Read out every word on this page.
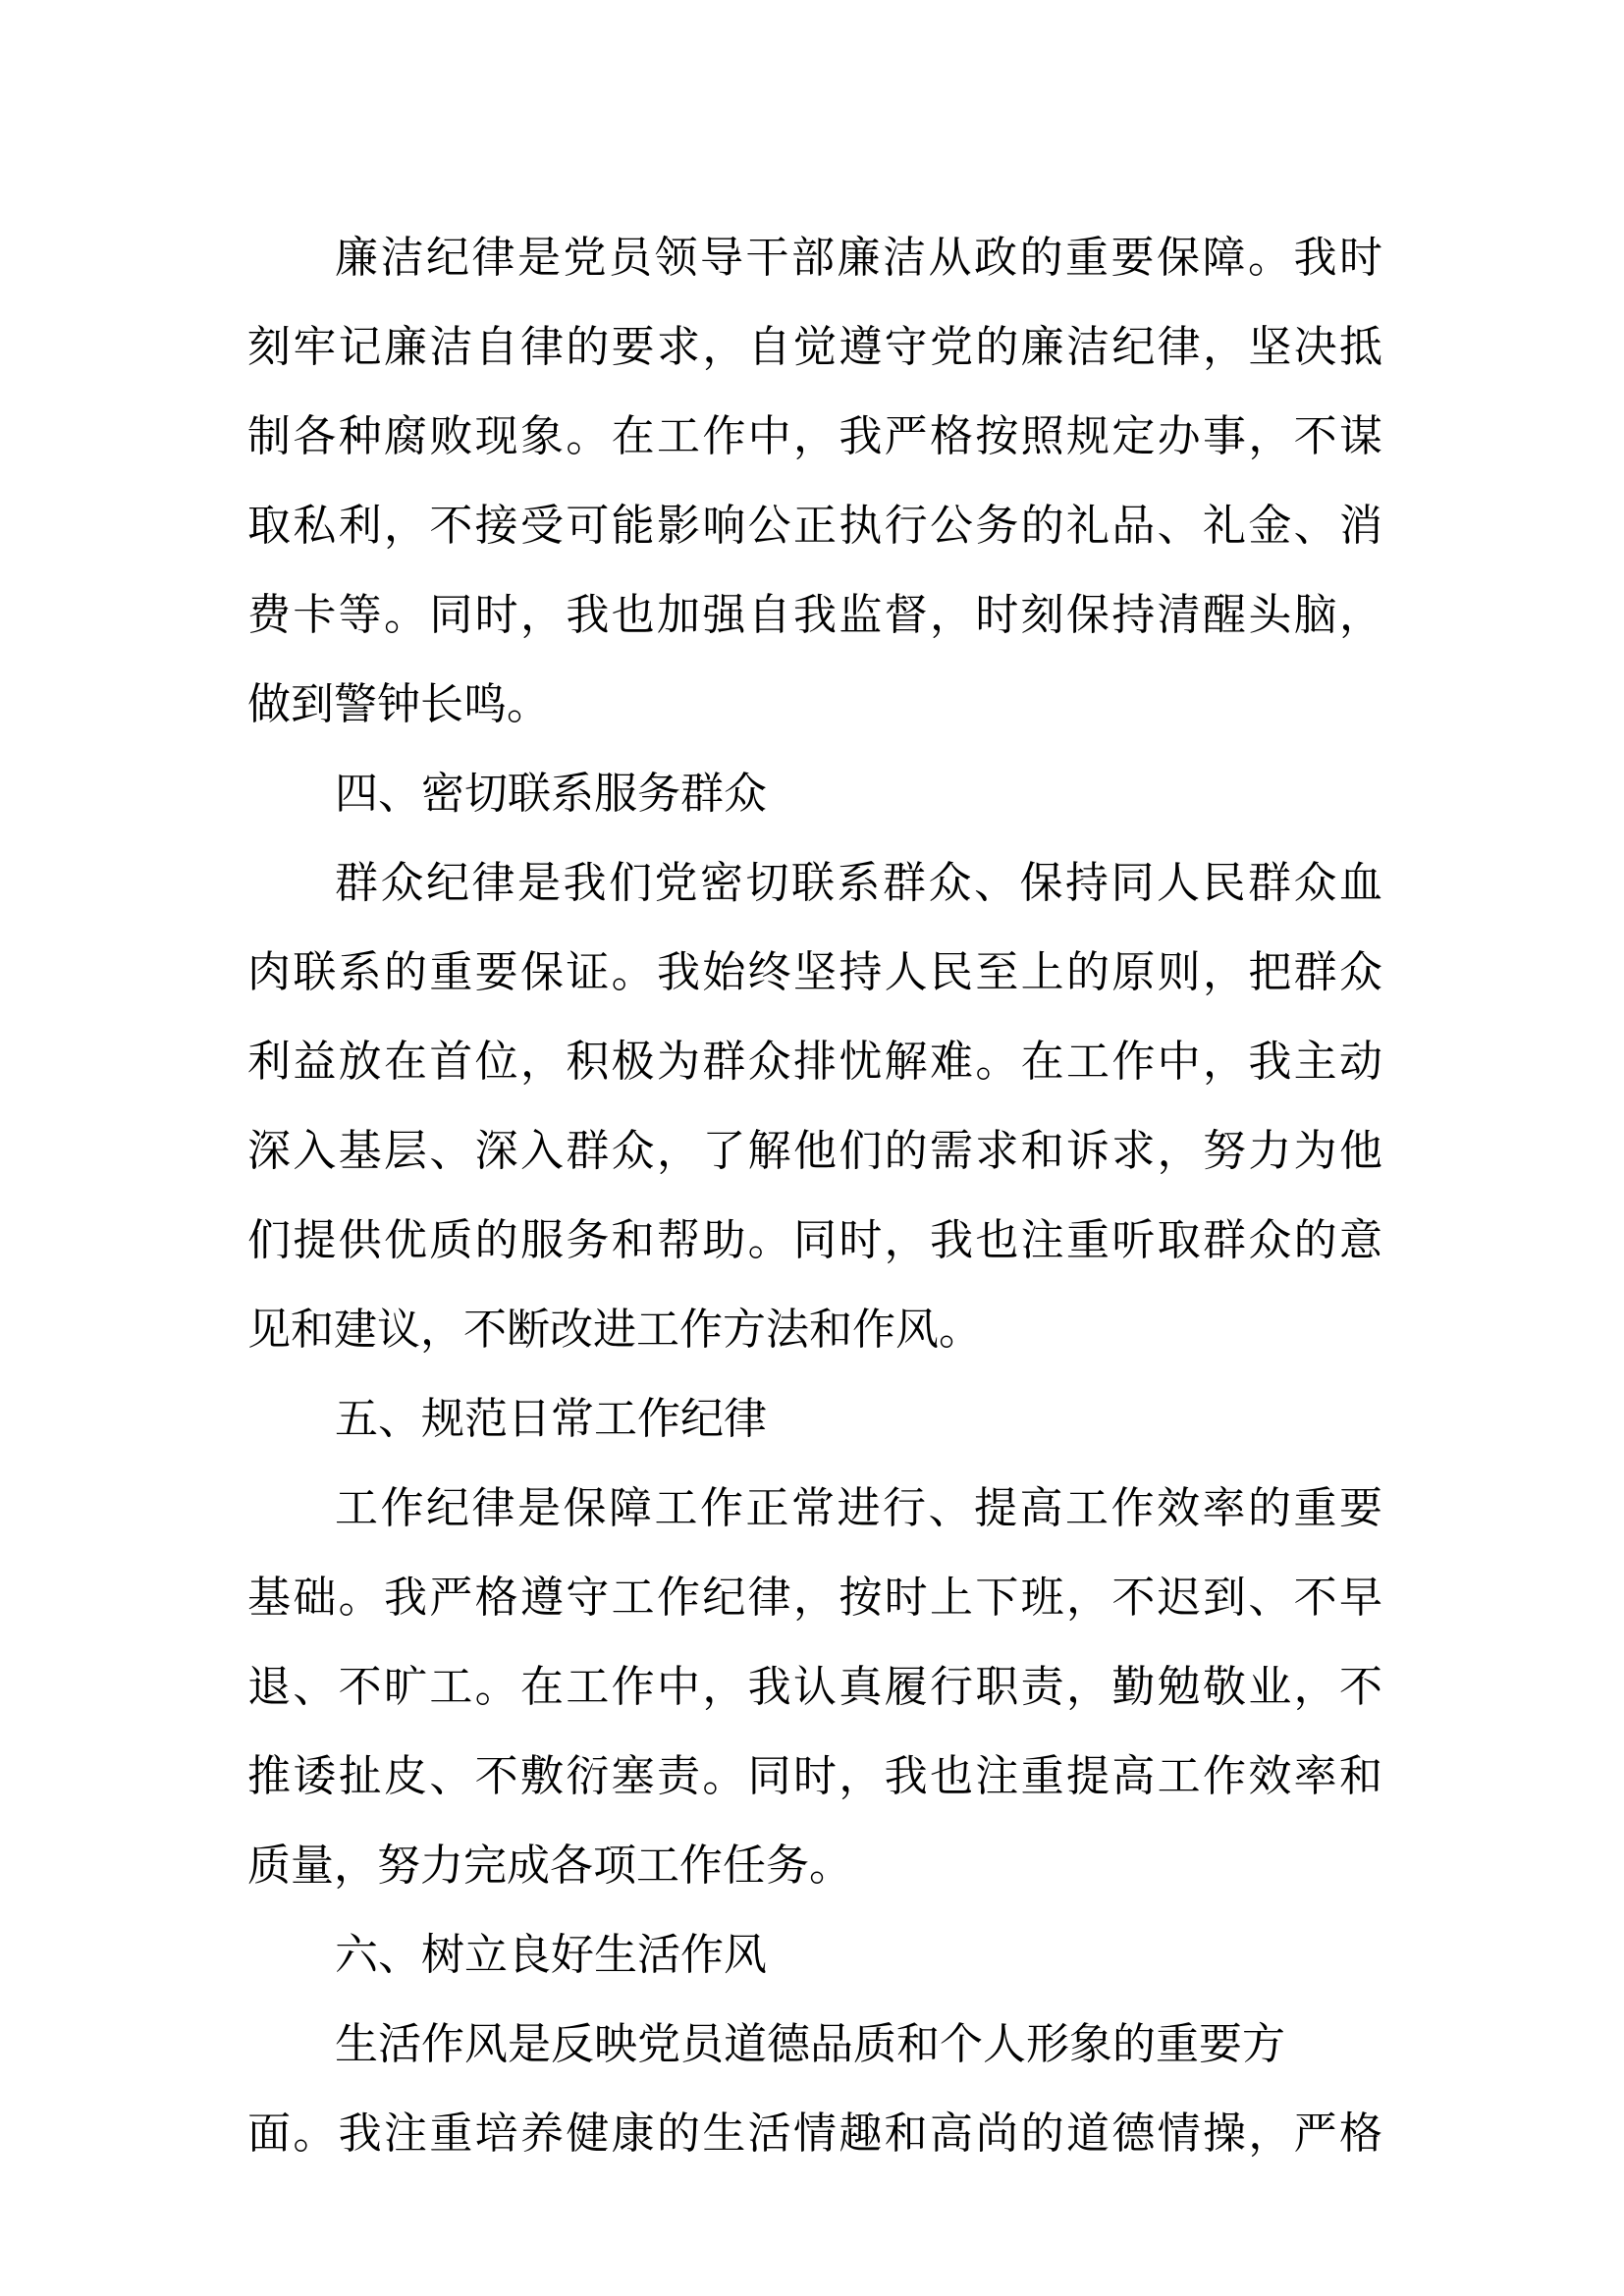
廉洁纪律是党员领导干部廉洁从政的重要保障。我时
刻牢记廉洁自律的要求，自觉遵守党的廉洁纪律，坚决抵
制各种腐败现象。在工作中，我严格按照规定办事，不谋
取私利，不接受可能影响公正执行公务的礼品、礼金、消
费卡等。同时，我也加强自我监督，时刻保持清醒头脑，
做到警钟长鸣。
四、密切联系服务群众
群众纪律是我们党密切联系群众、保持同人民群众血
肉联系的重要保证。我始终坚持人民至上的原则，把群众
利益放在首位，积极为群众排忧解难。在工作中，我主动
深入基层、深入群众，了解他们的需求和诉求，努力为他
们提供优质的服务和帮助。同时，我也注重听取群众的意
见和建议，不断改进工作方法和作风。
五、规范日常工作纪律
工作纪律是保障工作正常进行、提高工作效率的重要
基础。我严格遵守工作纪律，按时上下班，不迟到、不早
退、不旷工。在工作中，我认真履行职责，勤勉敬业，不
推诿扯皮、不敷衍塞责。同时，我也注重提高工作效率和
质量，努力完成各项工作任务。
六、树立良好生活作风
生活作风是反映党员道德品质和个人形象的重要方
面。我注重培养健康的生活情趣和高尚的道德情操，严格
